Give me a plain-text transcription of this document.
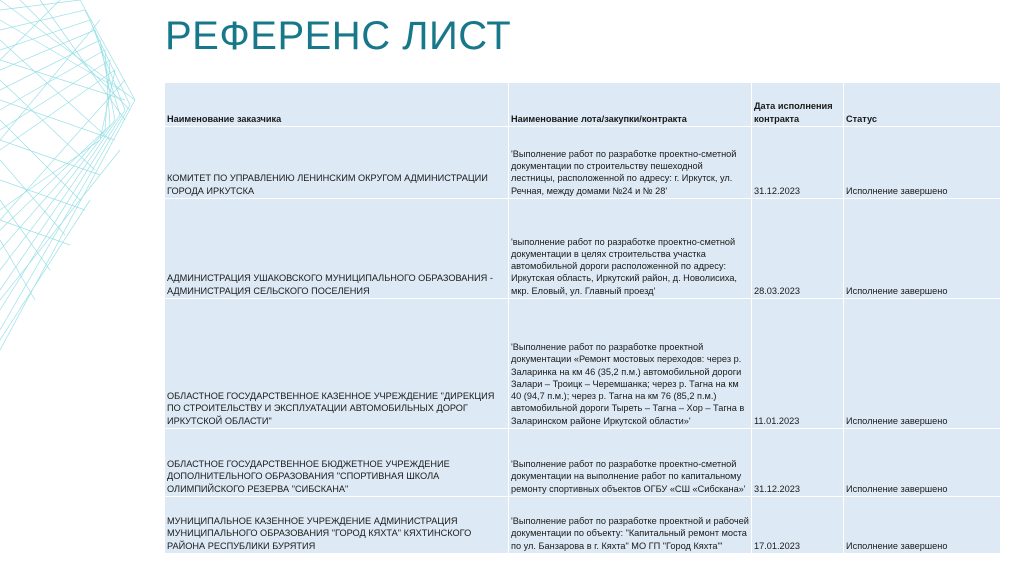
РЕФЕРЕНС ЛИСТ
Наименование заказчика	Наименование лота/закупки/контракта	Дата исполнения контракта	Статус
КОМИТЕТ ПО УПРАВЛЕНИЮ ЛЕНИНСКИМ ОКРУГОМ АДМИНИСТРАЦИИ ГОРОДА ИРКУТСКА	'Выполнение работ по разработке проектно-сметной документации по строительству пешеходной лестницы, расположенной по адресу: г. Иркутск, ул. Речная, между домами №24 и № 28'	31.12.2023	Исполнение завершено
АДМИНИСТРАЦИЯ УШАКОВСКОГО МУНИЦИПАЛЬНОГО ОБРАЗОВАНИЯ - АДМИНИСТРАЦИЯ СЕЛЬСКОГО ПОСЕЛЕНИЯ	'выполнение работ по разработке проектно-сметной документации в целях строительства участка автомобильной дороги расположенной по адресу: Иркутская область, Иркутский район, д. Новолисиха, мкр. Еловый, ул. Главный проезд'	28.03.2023	Исполнение завершено
ОБЛАСТНОЕ ГОСУДАРСТВЕННОЕ КАЗЕННОЕ УЧРЕЖДЕНИЕ "ДИРЕКЦИЯ ПО СТРОИТЕЛЬСТВУ И ЭКСПЛУАТАЦИИ АВТОМОБИЛЬНЫХ ДОРОГ ИРКУТСКОЙ ОБЛАСТИ"	'Выполнение работ по разработке проектной документации «Ремонт мостовых переходов: через р. Заларинка на км 46 (35,2 п.м.) автомобильной дороги Залари – Троицк – Черемшанка; через р. Тагна на км 40 (94,7 п.м.); через р. Тагна на км 76 (85,2 п.м.) автомобильной дороги Тыреть – Тагна – Хор – Тагна в Заларинском районе Иркутской области»'	11.01.2023	Исполнение завершено
ОБЛАСТНОЕ ГОСУДАРСТВЕННОЕ БЮДЖЕТНОЕ УЧРЕЖДЕНИЕ ДОПОЛНИТЕЛЬНОГО ОБРАЗОВАНИЯ "СПОРТИВНАЯ ШКОЛА ОЛИМПИЙСКОГО РЕЗЕРВА "СИБСКАНА"	'Выполнение работ по разработке проектно-сметной документации на выполнение работ по капитальному ремонту спортивных объектов ОГБУ «СШ «Сибскана»'	31.12.2023	Исполнение завершено
МУНИЦИПАЛЬНОЕ КАЗЕННОЕ УЧРЕЖДЕНИЕ АДМИНИСТРАЦИЯ МУНИЦИПАЛЬНОГО ОБРАЗОВАНИЯ "ГОРОД КЯХТА" КЯХТИНСКОГО РАЙОНА РЕСПУБЛИКИ БУРЯТИЯ	'Выполнение работ по разработке проектной и рабочей документации по объекту: "Капитальный ремонт моста по ул. Банзарова в г. Кяхта" МО ГП "Город Кяхта"'	17.01.2023	Исполнение завершено
